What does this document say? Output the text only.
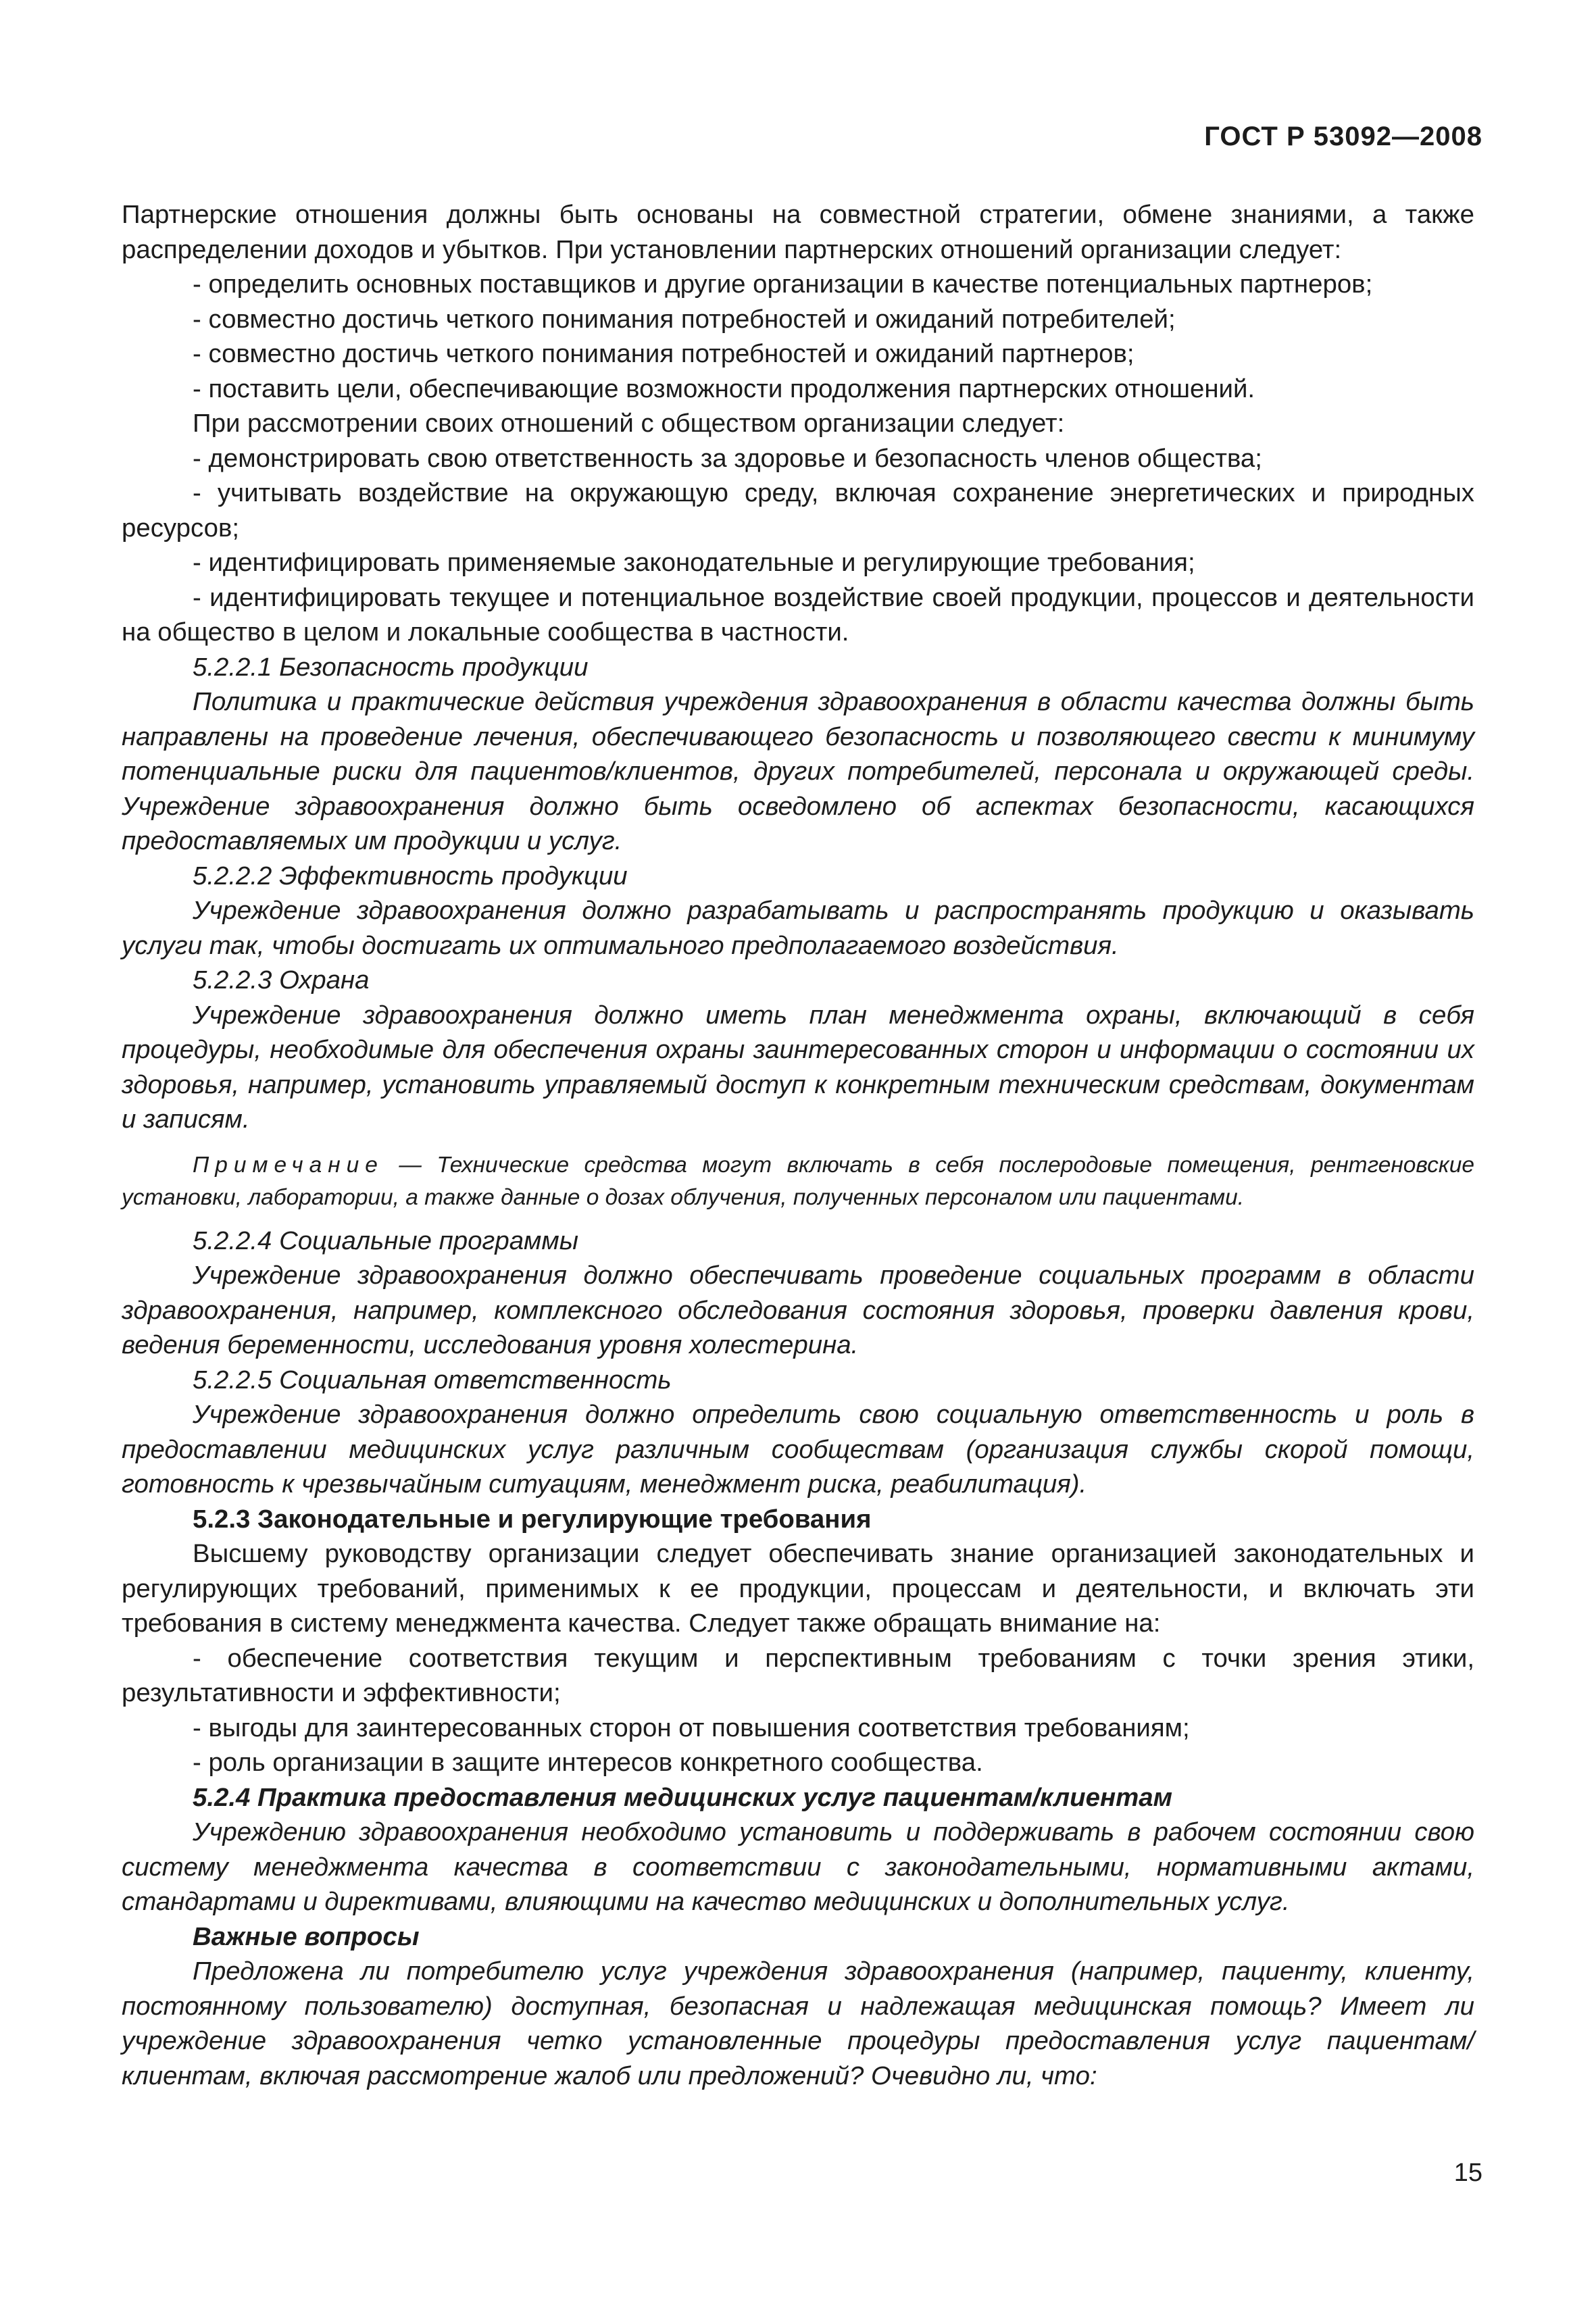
ГОСТ Р 53092—2008

Партнерские отношения должны быть основаны на совместной стратегии, обмене знаниями, а также распределении доходов и убытков. При установлении партнерских отношений организации следует:

- определить основных поставщиков и другие организации в качестве потенциальных партнеров;

- совместно достичь четкого понимания потребностей и ожиданий потребителей;

- совместно достичь четкого понимания потребностей и ожиданий партнеров;

- поставить цели, обеспечивающие возможности продолжения партнерских отношений.

При рассмотрении своих отношений с обществом организации следует:

- демонстрировать свою ответственность за здоровье и безопасность членов общества;

- учитывать воздействие на окружающую среду, включая сохранение энергетических и природных ресурсов;

- идентифицировать применяемые законодательные и регулирующие требования;

- идентифицировать текущее и потенциальное воздействие своей продукции, процессов и деятельности на общество в целом и локальные сообщества в частности.

5.2.2.1 Безопасность продукции

Политика и практические действия учреждения здравоохранения в области качества должны быть направлены на проведение лечения, обеспечивающего безопасность и позволяющего свести к минимуму потенциальные риски для пациентов/клиентов, других потребителей, персонала и окружающей среды. Учреждение здравоохранения должно быть осведомлено об аспектах безопасности, касающихся предоставляемых им продукции и услуг.

5.2.2.2 Эффективность продукции

Учреждение здравоохранения должно разрабатывать и распространять продукцию и оказывать услуги так, чтобы достигать их оптимального предполагаемого воздействия.

5.2.2.3 Охрана

Учреждение здравоохранения должно иметь план менеджмента охраны, включающий в себя процедуры, необходимые для обеспечения охраны заинтересованных сторон и информации о состоянии их здоровья, например, установить управляемый доступ к конкретным техническим средствам, документам и записям.

Примечание — Технические средства могут включать в себя послеродовые помещения, рентгеновские установки, лаборатории, а также данные о дозах облучения, полученных персоналом или пациентами.

5.2.2.4 Социальные программы

Учреждение здравоохранения должно обеспечивать проведение социальных программ в области здравоохранения, например, комплексного обследования состояния здоровья, проверки давления крови, ведения беременности, исследования уровня холестерина.

5.2.2.5 Социальная ответственность

Учреждение здравоохранения должно определить свою социальную ответственность и роль в предоставлении медицинских услуг различным сообществам (организация службы скорой помощи, готовность к чрезвычайным ситуациям, менеджмент риска, реабилитация).

5.2.3 Законодательные и регулирующие требования

Высшему руководству организации следует обеспечивать знание организацией законодательных и регулирующих требований, применимых к ее продукции, процессам и деятельности, и включать эти требования в систему менеджмента качества. Следует также обращать внимание на:

- обеспечение соответствия текущим и перспективным требованиям с точки зрения этики, результативности и эффективности;

- выгоды для заинтересованных сторон от повышения соответствия требованиям;

- роль организации в защите интересов конкретного сообщества.

5.2.4 Практика предоставления медицинских услуг пациентам/клиентам

Учреждению здравоохранения необходимо установить и поддерживать в рабочем состоянии свою систему менеджмента качества в соответствии с законодательными, нормативными актами, стандартами и директивами, влияющими на качество медицинских и дополнительных услуг.

Важные вопросы

Предложена ли потребителю услуг учреждения здравоохранения (например, пациенту, клиенту, постоянному пользователю) доступная, безопасная и надлежащая медицинская помощь? Имеет ли учреждение здравоохранения четко установленные процедуры предоставления услуг пациентам/клиентам, включая рассмотрение жалоб или предложений? Очевидно ли, что:

15
